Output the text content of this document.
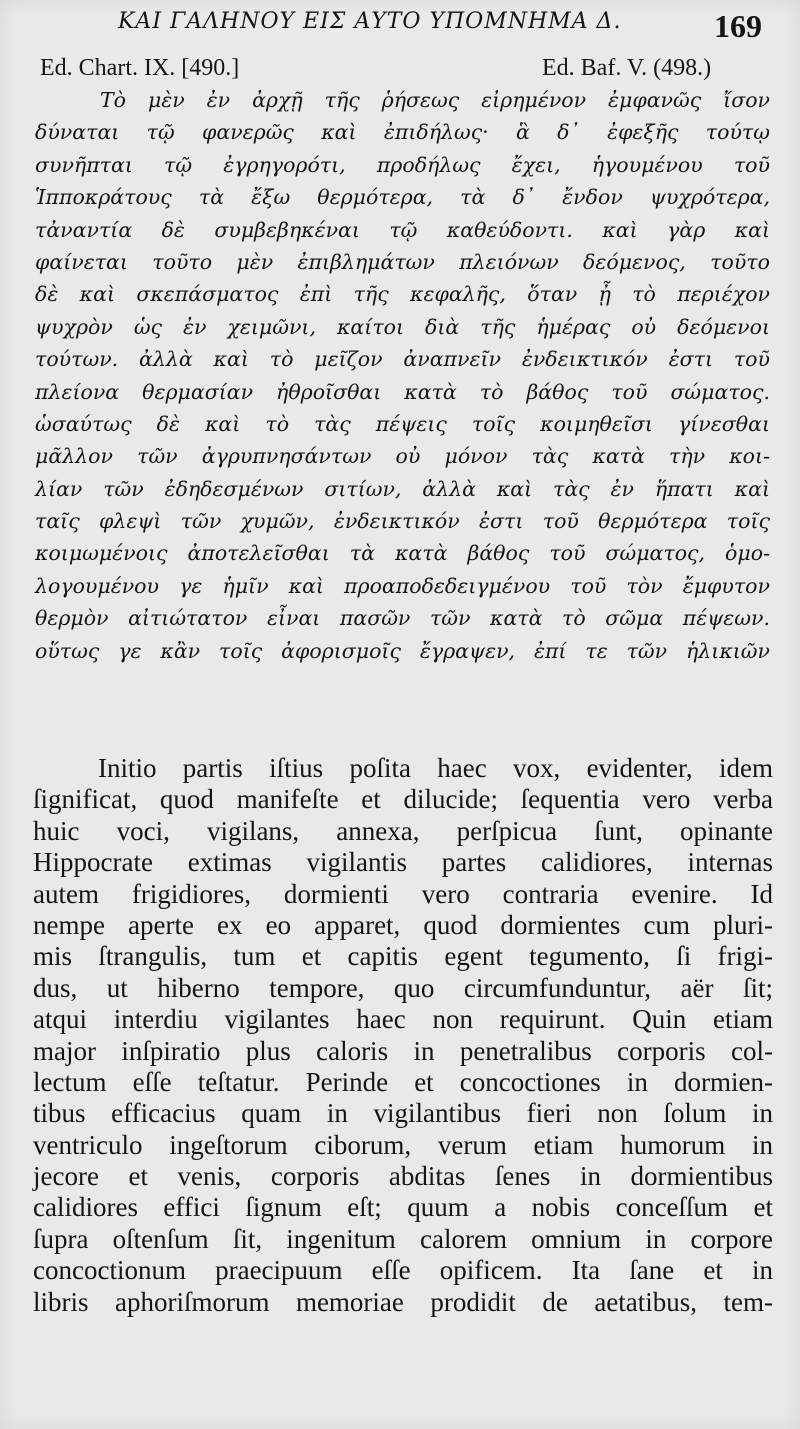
ΚΑΙ ΓΑΛΗΝΟΥ ΕΙΣ ΑΥΤΟ ΥΠΟΜΝΗΜΑ Δ.	169
Ed. Chart. IX. [490.]	Ed. Baf. V. (498.)
Τὸ μὲν ἐν ἀρχῇ τῆς ῥήσεως εἰρημένον ἐμφανῶς ἴσον
δύναται τῷ φανερῶς καὶ ἐπιδήλως· ἃ δ᾽ ἐφεξῆς τούτῳ
συνῆπται τῷ ἐγρηγορότι, προδήλως ἔχει, ἡγουμένου τοῦ
Ἱπποκράτους τὰ ἔξω θερμότερα, τὰ δ᾽ ἔνδον ψυχρότερα,
τἀναντία δὲ συμβεβηκέναι τῷ καθεύδοντι. καὶ γὰρ καὶ
φαίνεται τοῦτο μὲν ἐπιβλημάτων πλειόνων δεόμενος, τοῦτο
δὲ καὶ σκεπάσματος ἐπὶ τῆς κεφαλῆς, ὅταν ᾖ τὸ περιέχον
ψυχρὸν ὡς ἐν χειμῶνι, καίτοι διὰ τῆς ἡμέρας οὐ δεόμενοι
τούτων. ἀλλὰ καὶ τὸ μεῖζον ἀναπνεῖν ἐνδεικτικόν ἐστι τοῦ
πλείονα θερμασίαν ἠθροῖσθαι κατὰ τὸ βάθος τοῦ σώματος.
ὡσαύτως δὲ καὶ τὸ τὰς πέψεις τοῖς κοιμηθεῖσι γίνεσθαι
μᾶλλον τῶν ἀγρυπνησάντων οὐ μόνον τὰς κατὰ τὴν κοι-
λίαν τῶν ἐδηδεσμένων σιτίων, ἀλλὰ καὶ τὰς ἐν ἥπατι καὶ
ταῖς φλεψὶ τῶν χυμῶν, ἐνδεικτικόν ἐστι τοῦ θερμότερα τοῖς
κοιμωμένοις ἀποτελεῖσθαι τὰ κατὰ βάθος τοῦ σώματος, ὁμο-
λογουμένου γε ἡμῖν καὶ προαποδεδειγμένου τοῦ τὸν ἔμφυτον
θερμὸν αἰτιώτατον εἶναι πασῶν τῶν κατὰ τὸ σῶμα πέψεων.
οὕτως γε κἂν τοῖς ἀφορισμοῖς ἔγραψεν, ἐπί τε τῶν ἡλικιῶν
Initio partis iſtius poſita haec vox, evidenter, idem
ſignificat, quod manifeſte et dilucide; ſequentia vero verba
huic voci, vigilans, annexa, perſpicua ſunt, opinante
Hippocrate extimas vigilantis partes calidiores, internas
autem frigidiores, dormienti vero contraria evenire. Id
nempe aperte ex eo apparet, quod dormientes cum pluri-
mis ſtrangulis, tum et capitis egent tegumento, ſi frigi-
dus, ut hiberno tempore, quo circumfunduntur, aër ſit;
atqui interdiu vigilantes haec non requirunt. Quin etiam
major inſpiratio plus caloris in penetralibus corporis col-
lectum eſſe teſtatur. Perinde et concoctiones in dormien-
tibus efficacius quam in vigilantibus fieri non ſolum in
ventriculo ingeſtorum ciborum, verum etiam humorum in
jecore et venis, corporis abditas ſenes in dormientibus
calidiores effici ſignum eſt; quum a nobis conceſſum et
ſupra oſtenſum ſit, ingenitum calorem omnium in corpore
concoctionum praecipuum eſſe opificem. Ita ſane et in
libris aphoriſmorum memoriae prodidit de aetatibus, tem-
